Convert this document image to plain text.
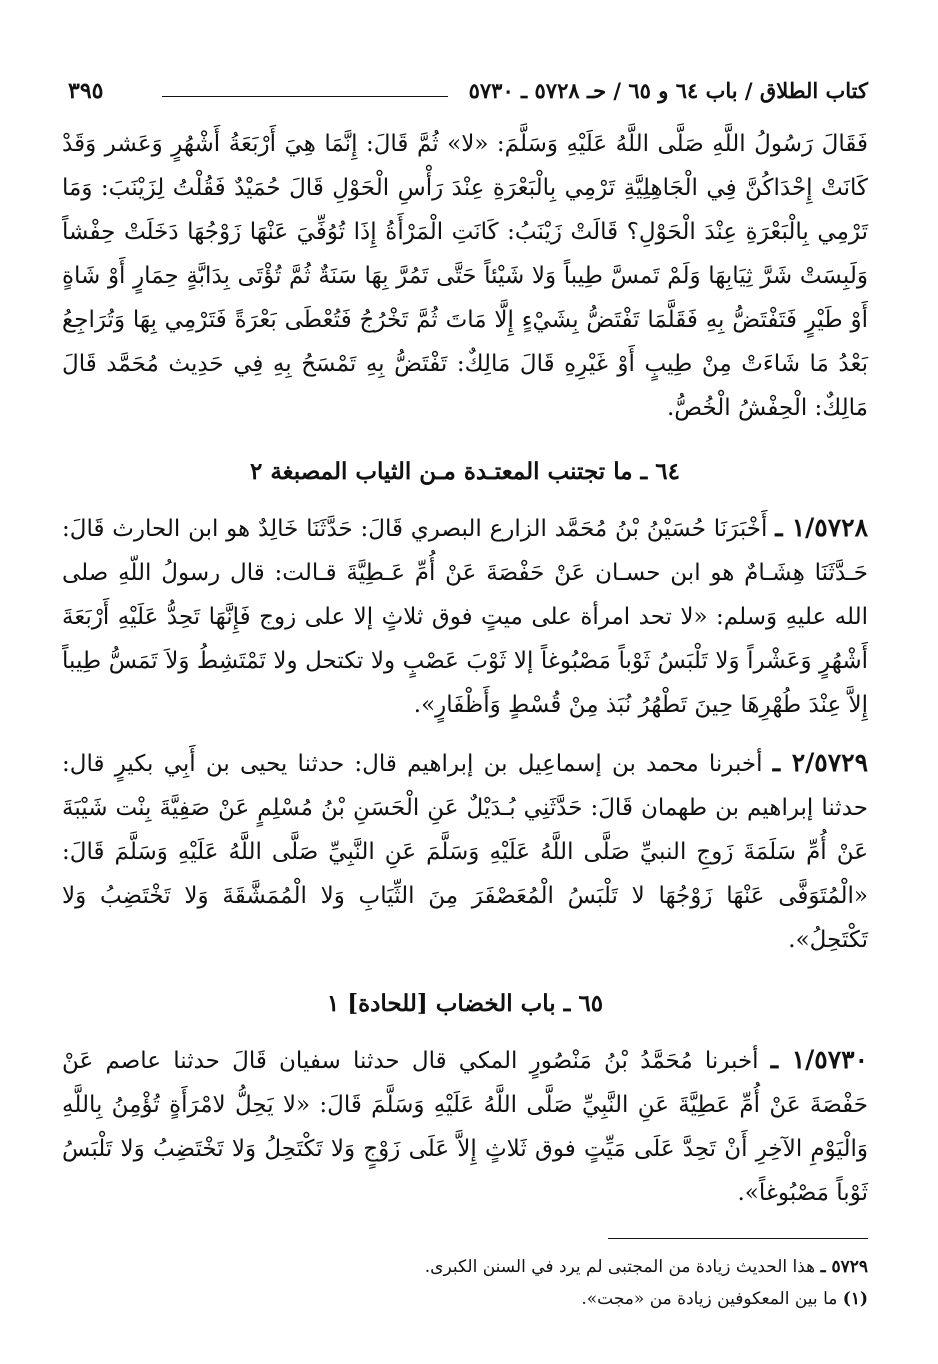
كتاب الطلاق / باب ٦٤ و ٦٥ / حـ ٥٧٢٨ ـ ٥٧٣٠
٣٩٥

فَقَالَ رَسُولُ اللَّهِ صَلَّى اللَّهُ عَلَيْهِ وَسَلَّمَ: «لا» ثُمَّ قَالَ: إِنَّمَا هِيَ أَرْبَعَةُ أَشْهُرٍ وَعَشر وَقَدْ كَانَتْ إِحْدَاكُنَّ فِي الْجَاهِلِيَّةِ تَرْمِي بِالْبَعْرَةِ عِنْدَ رَأْسِ الْحَوْلِ قَالَ حُمَيْدٌ فَقُلْتُ لِزَيْنَبَ: وَمَا تَرْمِي بِالْبَعْرَةِ عِنْدَ الْحَوْلِ؟ قَالَتْ زَيْنَبُ: كَانَتِ الْمَرْأَةُ إِذَا تُوُفِّيَ عَنْهَا زَوْجُهَا دَخَلَتْ حِفْشاً وَلَبِسَتْ شَرَّ ثِيَابِهَا وَلَمْ تَمسَّ طِيباً وَلا شَيْئاً حَتَّى تَمُرَّ بِهَا سَنَةٌ ثُمَّ تُؤْتَى بِدَابَّةٍ حِمَارٍ أَوْ شَاةٍ أَوْ طَيْرٍ فَتَفْتَضُّ بِهِ فَقَلَّمَا تَفْتَضُّ بِشَيْءٍ إِلَّا مَاتَ ثُمَّ تَخْرُجُ فَتُعْطَى بَعْرَةً فَتَرْمِي بِهَا وَتُرَاجِعُ بَعْدُ مَا شَاءَتْ مِنْ طِيبٍ أَوْ غَيْرِهِ قَالَ مَالِكٌ: تَفْتَضُّ بِهِ تَمْسَحُ بِهِ فِي حَدِيث مُحَمَّد قَالَ مَالِكٌ: الْحِفْشُ الْخُصُّ.

٦٤ ـ ما تجتنب المعتـدة مـن الثياب المصبغة ٢

١/٥٧٢٨ ـ أَخْبَرَنَا حُسَيْنُ بْنُ مُحَمَّد الزارع البصري قَالَ: حَدَّثَنَا خَالِدٌ هو ابن الحارث قَالَ: حَـدَّثَنَا هِشَـامٌ هو ابن حسـان عَنْ حَفْصَةَ عَنْ أُمِّ عَـطِيَّةَ قـالت: قال رسولُ اللّهِ صلى الله عليهِ وَسلم: «لا تحد امرأة على ميتٍ فوق ثلاثٍ إلا على زوج فَإِنَّهَا تَحِدُّ عَلَيْهِ أَرْبَعَةَ أَشْهُرٍ وَعَشْراً وَلا تَلْبَسُ ثَوْباً مَصْبُوغاً إلا ثَوْبَ عَصْبٍ ولا تكتحل ولا تَمْتَشِطُ وَلاَ تَمَسُّ طِيباً إِلاَّ عِنْدَ طُهْرِهَا حِينَ تَطْهُرُ نُبَذ مِنْ قُسْطٍ وَأَظْفَارٍ».

٢/٥٧٢٩ ـ أخبرنا محمد بن إسماعِيل بن إبراهيم قال: حدثنا يحيى بن أَبِي بكيرٍ قال: حدثنا إبراهيم بن طهمان قَالَ: حَدَّثَنِي بُـدَيْلٌ عَنِ الْحَسَنِ بْنُ مُسْلِمٍ عَنْ صَفِيَّةَ بِنْت شَيْبَةَ عَنْ أُمِّ سَلَمَةَ زَوجِ النبيِّ صَلَّى اللَّهُ عَلَيْهِ وَسَلَّمَ عَنِ النَّبِيِّ صَلَّى اللَّهُ عَلَيْهِ وَسَلَّمَ قَالَ: «الْمُتَوَفَّى عَنْهَا زَوْجُهَا لا تَلْبَسُ الْمُعَصْفَرَ مِنَ الثِّيَابِ وَلا الْمُمَشَّقَةَ وَلا تَخْتَضِبُ وَلا تَكْتَحِلُ».

٦٥ ـ باب الخضاب [للحادة] ١

١/٥٧٣٠ ـ أخبرنا مُحَمَّدُ بْنُ مَنْصُورٍ المكي قال حدثنا سفيان قَالَ حدثنا عاصم عَنْ حَفْصَةَ عَنْ أُمِّ عَطِيَّةَ عَنِ النَّبِيِّ صَلَّى اللَّهُ عَلَيْهِ وَسَلَّمَ قَالَ: «لا يَحِلُّ لامْرَأَةٍ تُؤْمِنُ بِاللَّهِ وَالْيَوْمِ الآخِرِ أَنْ تَحِدَّ عَلَى مَيِّتٍ فوق ثَلاثٍ إِلاَّ عَلَى زَوْجٍ وَلا تَكْتَحِلُ وَلا تَخْتَضِبُ وَلا تَلْبَسُ ثَوْباً مَصْبُوغاً».

٥٧٢٩ ـ هذا الحديث زيادة من المجتبى لم يرد في السنن الكبرى.

(١) ما بين المعكوفين زيادة من «مجت».
